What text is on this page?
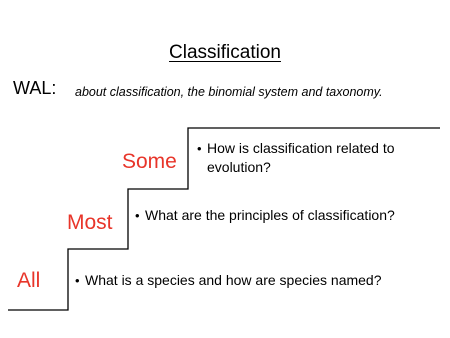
Classification
WAL: about classification, the binomial system and taxonomy.
Some
Most
All
• How is classification related to evolution?
• What are the principles of classification?
• What is a species and how are species named?
